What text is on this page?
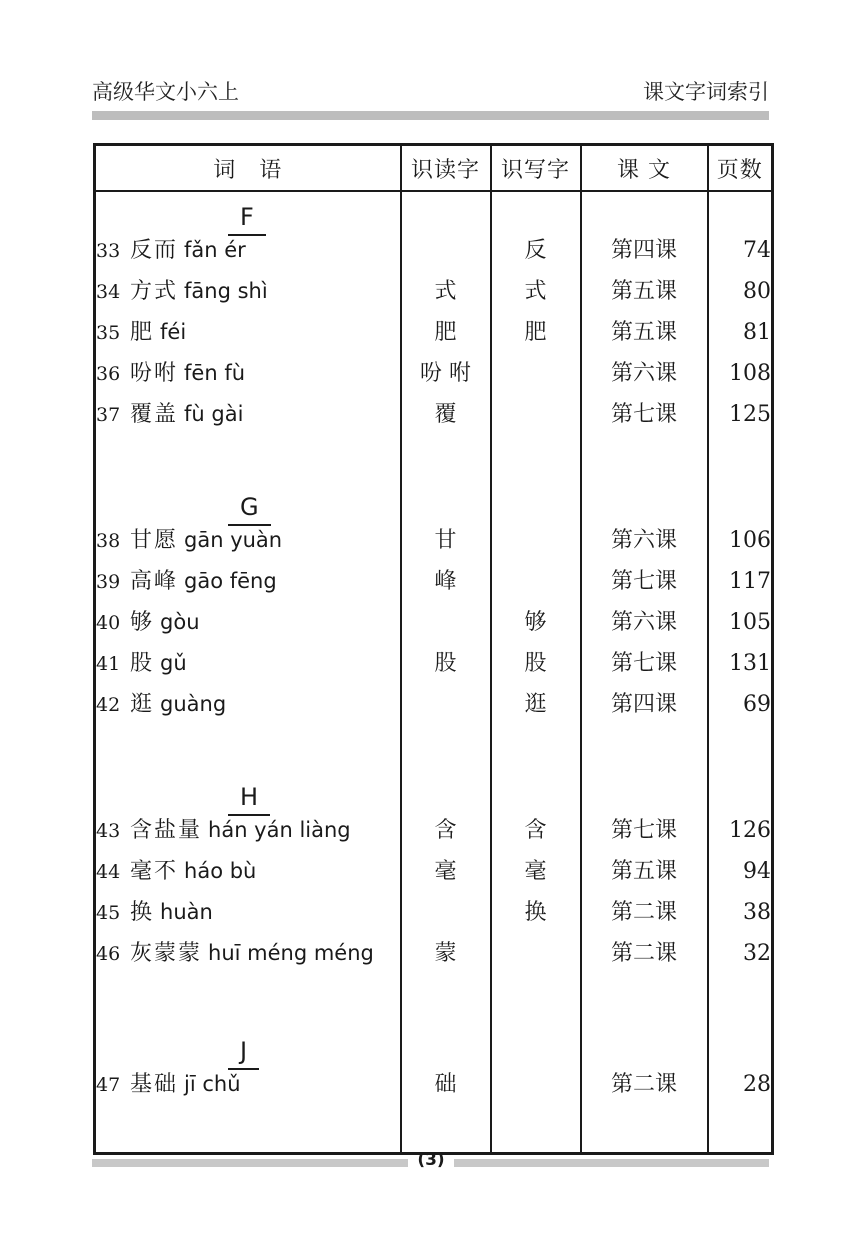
高级华文小六上	课文字词索引
词　语	识读字	识写字	课 文	页数
F				
33 反而 fǎn ér		反	第四课	74
34 方式 fāng shì	式	式	第五课	80
35 肥 féi	肥	肥	第五课	81
36 吩咐 fēn fù	吩 咐		第六课	108
37 覆盖 fù gài	覆		第七课	125

G				
38 甘愿 gān yuàn	甘		第六课	106
39 高峰 gāo fēng	峰		第七课	117
40 够 gòu		够	第六课	105
41 股 gǔ	股	股	第七课	131
42 逛 guàng		逛	第四课	69

H				
43 含盐量 hán yán liàng	含	含	第七课	126
44 毫不 háo bù	毫	毫	第五课	94
45 换 huàn		换	第二课	38
46 灰蒙蒙 huī méng méng	蒙		第二课	32

J				
47 基础 jī chǔ	础		第二课	28

(3)
